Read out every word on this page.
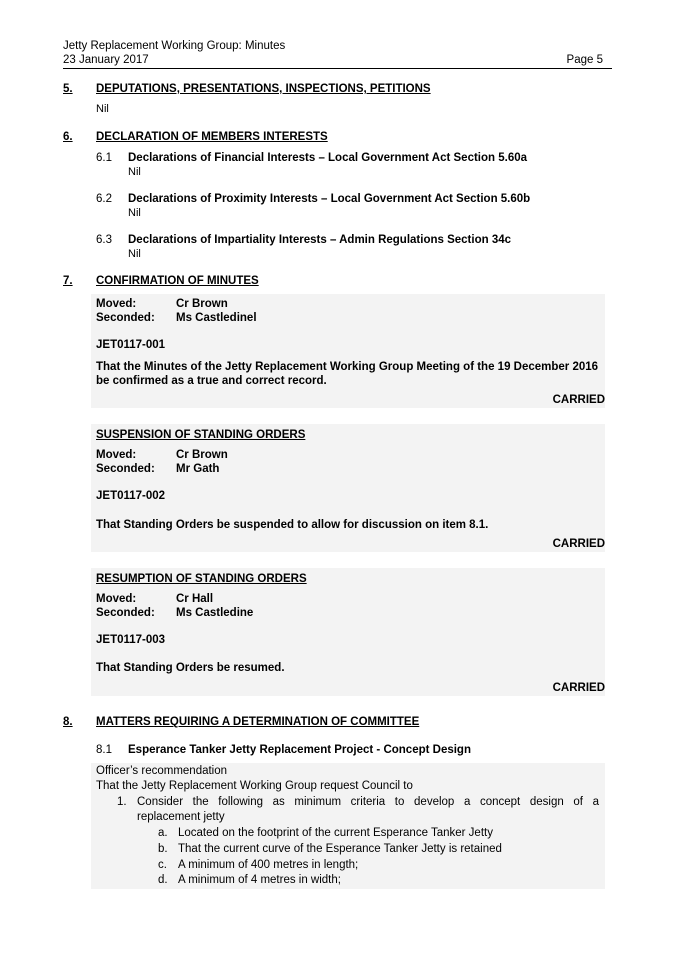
Jetty Replacement Working Group: Minutes
23 January 2017	Page 5
5. DEPUTATIONS, PRESENTATIONS, INSPECTIONS, PETITIONS
Nil
6. DECLARATION OF MEMBERS INTERESTS
6.1 Declarations of Financial Interests – Local Government Act Section 5.60a
Nil
6.2 Declarations of Proximity Interests – Local Government Act Section 5.60b
Nil
6.3 Declarations of Impartiality Interests – Admin Regulations Section 34c
Nil
7. CONFIRMATION OF MINUTES
Moved:	Cr Brown
Seconded: Ms Castledinel
JET0117-001
That the Minutes of the Jetty Replacement Working Group Meeting of the 19 December 2016 be confirmed as a true and correct record.
CARRIED
SUSPENSION OF STANDING ORDERS
Moved:	Cr Brown
Seconded: Mr Gath
JET0117-002
That Standing Orders be suspended to allow for discussion on item 8.1.
CARRIED
RESUMPTION OF STANDING ORDERS
Moved:	Cr Hall
Seconded: Ms Castledine
JET0117-003
That Standing Orders be resumed.
CARRIED
8. MATTERS REQUIRING A DETERMINATION OF COMMITTEE
8.1 Esperance Tanker Jetty Replacement Project - Concept Design
Officer’s recommendation
That the Jetty Replacement Working Group request Council to
1. Consider the following as minimum criteria to develop a concept design of a
replacement jetty
a. Located on the footprint of the current Esperance Tanker Jetty
b. That the current curve of the Esperance Tanker Jetty is retained
c. A minimum of 400 metres in length;
d. A minimum of 4 metres in width;
